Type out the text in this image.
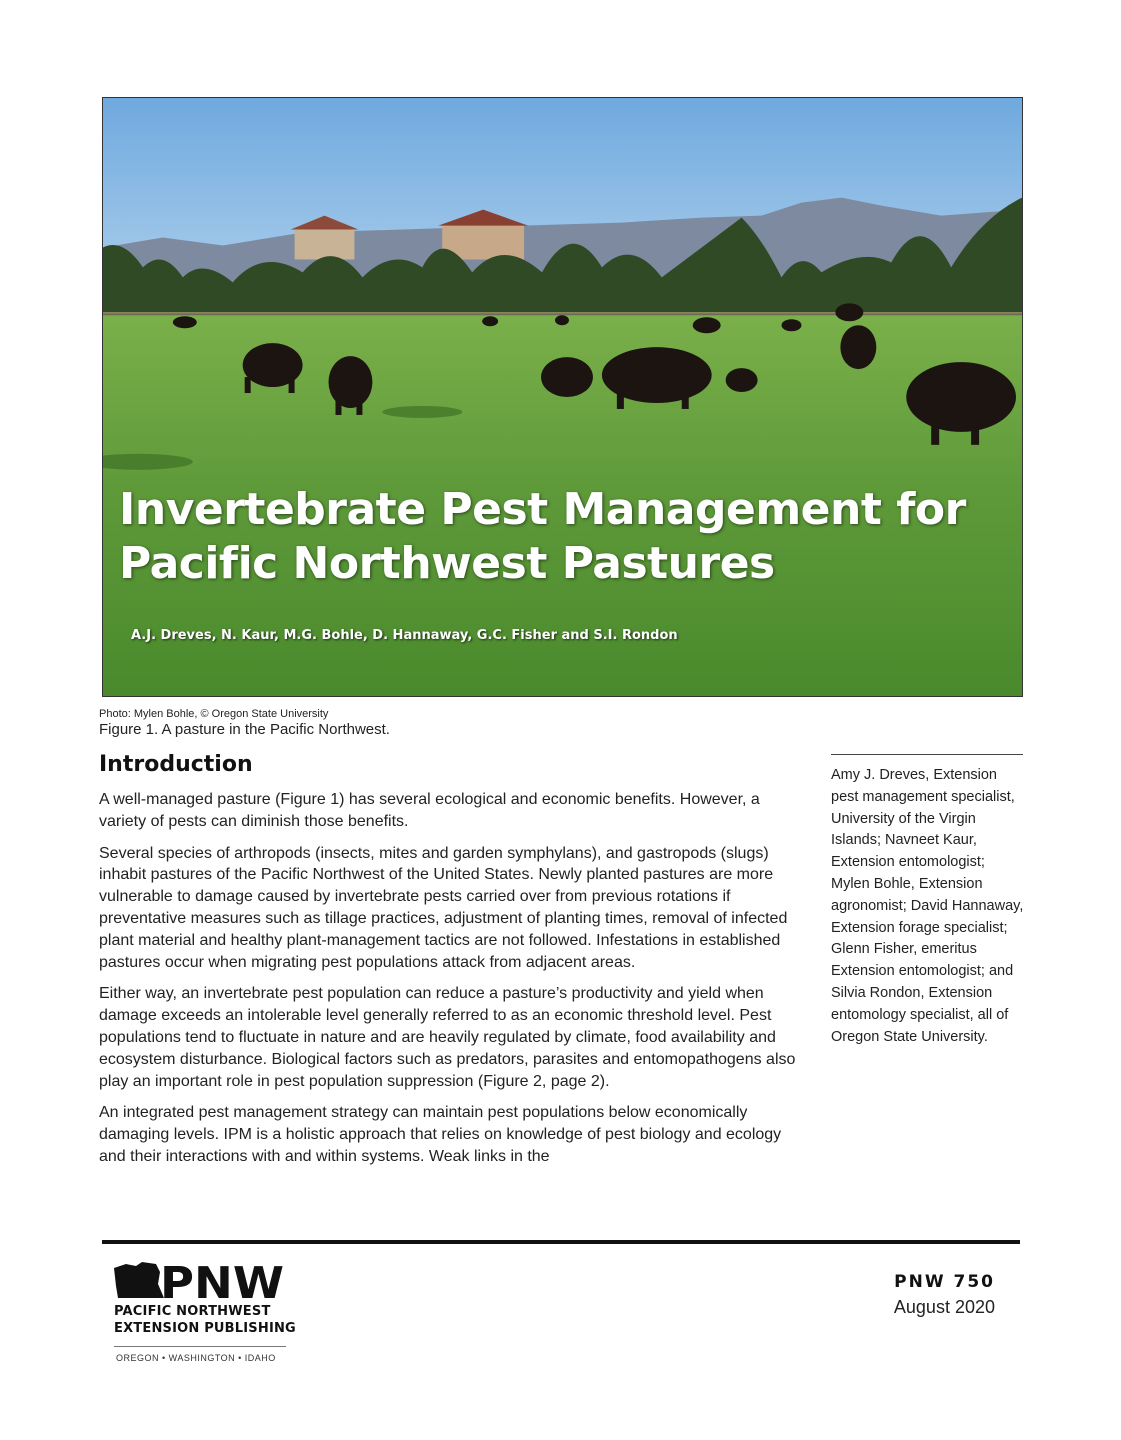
Invertebrate Pest Management for
Pacific Northwest Pastures
A.J. Dreves, N. Kaur, M.G. Bohle, D. Hannaway, G.C. Fisher and S.I. Rondon
Photo: Mylen Bohle, © Oregon State University
Figure 1. A pasture in the Pacific Northwest.
Introduction

A well-managed pasture (Figure 1) has several ecological and economic benefits. However, a variety of pests can diminish those benefits.

Several species of arthropods (insects, mites and garden symphylans), and gastropods (slugs) inhabit pastures of the Pacific Northwest of the United States. Newly planted pastures are more vulnerable to damage caused by invertebrate pests carried over from previous rotations if preventative measures such as tillage practices, adjustment of planting times, removal of infected plant material and healthy plant-management tactics are not followed. Infestations in established pastures occur when migrating pest populations attack from adjacent areas.

Either way, an invertebrate pest population can reduce a pasture’s productivity and yield when damage exceeds an intolerable level generally referred to as an economic threshold level. Pest populations tend to fluctuate in nature and are heavily regulated by climate, food availability and ecosystem disturbance. Biological factors such as predators, parasites and entomopathogens also play an important role in pest population suppression (Figure 2, page 2).

An integrated pest management strategy can maintain pest populations below economically damaging levels. IPM is a holistic approach that relies on knowledge of pest biology and ecology and their interactions with and within systems. Weak links in the

Amy J. Dreves, Extension pest management specialist, University of the Virgin Islands; Navneet Kaur, Extension entomologist; Mylen Bohle, Extension agronomist; David Hannaway, Extension forage specialist; Glenn Fisher, emeritus Extension entomologist; and Silvia Rondon, Extension entomology specialist, all of Oregon State University.

PNW
PACIFIC NORTHWEST
EXTENSION PUBLISHING
OREGON • WASHINGTON • IDAHO
PNW 750
August 2020
